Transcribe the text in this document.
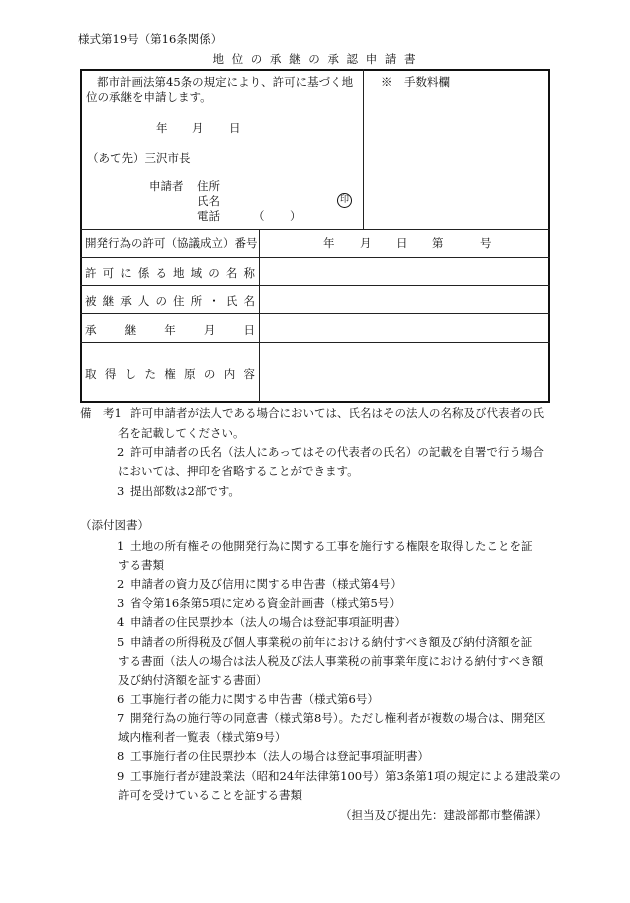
様式第19号（第16条関係）
地 位 の 承 継 の 承 認 申 請 書
都市計画法第45条の規定により、許可に基づく地
位の承継を申請します。
年 月 日
（あて先）三沢市長
申請者 住所
氏名	印
電話	（ ）
※　手数料欄
開発行為の許可（協議成立）番号	年 月 日 第	号
許 可 に 係 る 地 域 の 名 称
被 継 承 人 の 住 所 ・ 氏 名
承 継 年 月 日
取 得 し た 権 原 の 内 容
備　考1 許可申請者が法人である場合においては、氏名はその法人の名称及び代表者の氏
名を記載してください。
2 許可申請者の氏名（法人にあってはその代表者の氏名）の記載を自署で行う場合
においては、押印を省略することができます。
3 提出部数は2部です。
（添付図書）
1 土地の所有権その他開発行為に関する工事を施行する権限を取得したことを証
する書類
2 申請者の資力及び信用に関する申告書（様式第4号）
3 省令第16条第5項に定める資金計画書（様式第5号）
4 申請者の住民票抄本（法人の場合は登記事項証明書）
5 申請者の所得税及び個人事業税の前年における納付すべき額及び納付済額を証
する書面（法人の場合は法人税及び法人事業税の前事業年度における納付すべき額
及び納付済額を証する書面）
6 工事施行者の能力に関する申告書（様式第6号）
7 開発行為の施行等の同意書（様式第8号）。ただし権利者が複数の場合は、開発区
域内権利者一覧表（様式第9号）
8 工事施行者の住民票抄本（法人の場合は登記事項証明書）
9 工事施行者が建設業法（昭和24年法律第100号）第3条第1項の規定による建設業の
許可を受けていることを証する書類
（担当及び提出先：建設部都市整備課）
